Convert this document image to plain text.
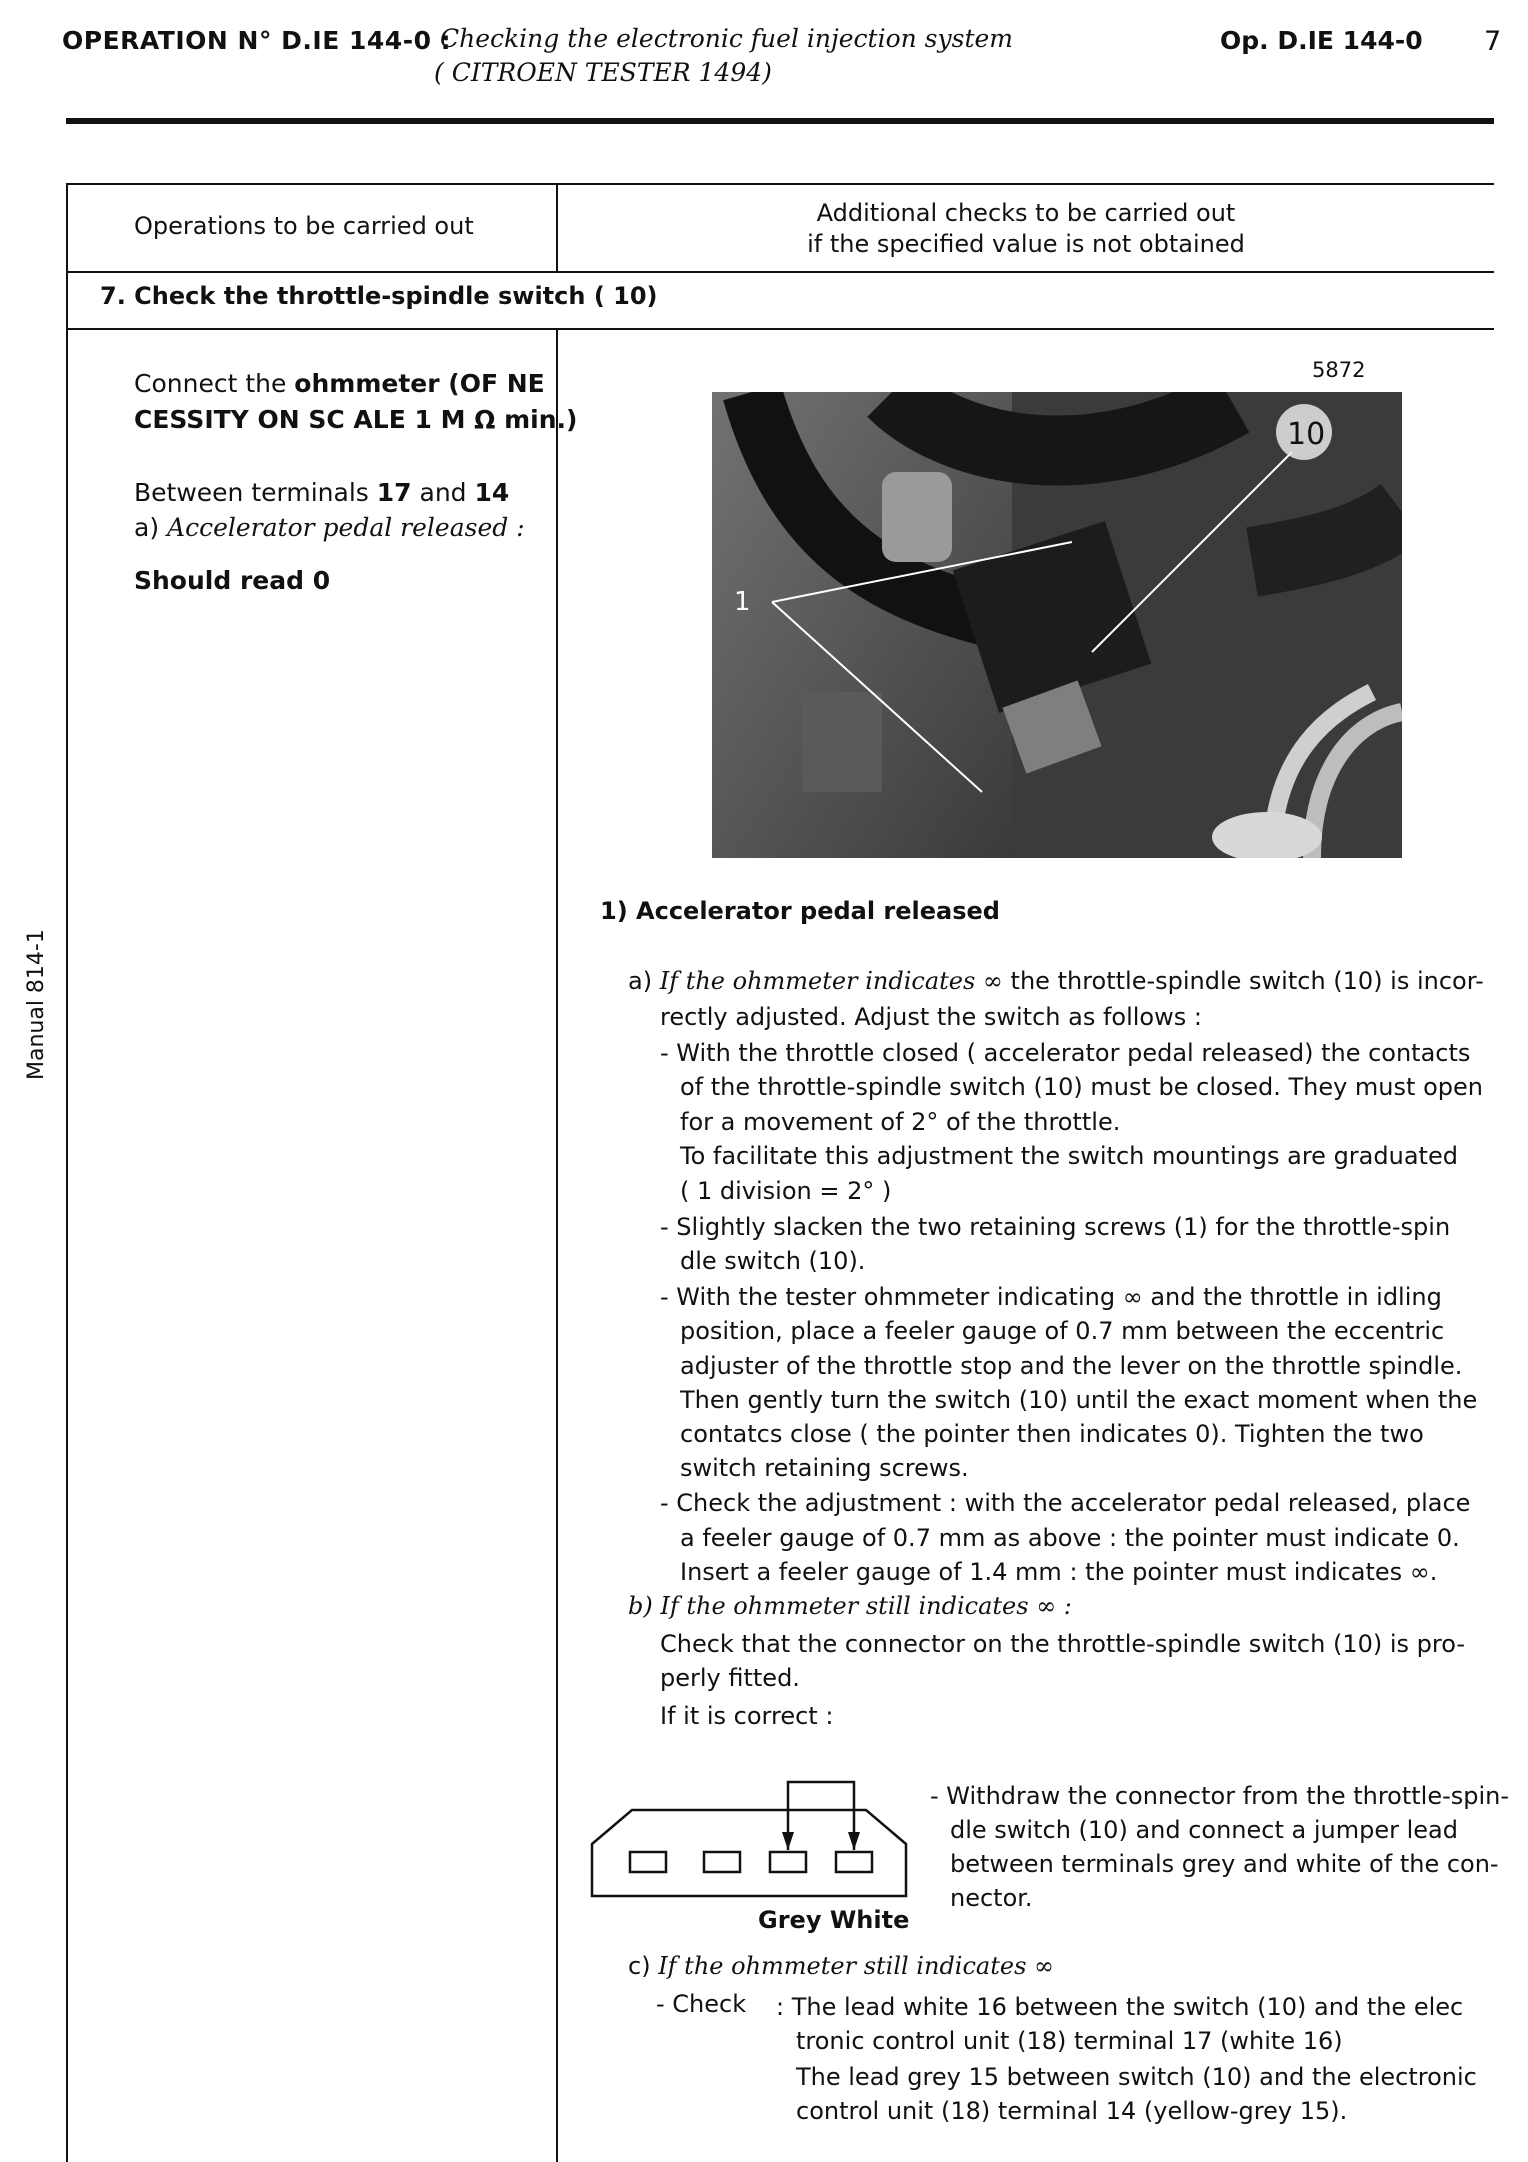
OPERATION N° D.IE 144-0 :
Checking the electronic fuel injection system
( CITROEN TESTER 1494)
Op. D.IE 144-0 7
Operations to be carried out	Additional checks to be carried out
if the specified value is not obtained
7. Check the throttle-spindle switch ( 10)
Connect the ohmmeter (OF NE
CESSITY ON SC ALE 1 M Ω min.)
Between terminals 17 and 14
a) Accelerator pedal released :
Should read 0
5872
10
1
1) Accelerator pedal released
a) If the ohmmeter indicates ∞ the throttle-spindle switch (10) is incor-
rectly adjusted. Adjust the switch as follows :
- With the throttle closed ( accelerator pedal released) the contacts
of the throttle-spindle switch (10) must be closed. They must open
for a movement of 2° of the throttle.
To facilitate this adjustment the switch mountings are graduated
( 1 division = 2° )
- Slightly slacken the two retaining screws (1) for the throttle-spin
dle switch (10).
- With the tester ohmmeter indicating ∞ and the throttle in idling
position, place a feeler gauge of 0.7 mm between the eccentric
adjuster of the throttle stop and the lever on the throttle spindle.
Then gently turn the switch (10) until the exact moment when the
contatcs close ( the pointer then indicates 0). Tighten the two
switch retaining screws.
- Check the adjustment : with the accelerator pedal released, place
a feeler gauge of 0.7 mm as above : the pointer must indicate 0.
Insert a feeler gauge of 1.4 mm : the pointer must indicates ∞.
b) If the ohmmeter still indicates ∞ :
Check that the connector on the throttle-spindle switch (10) is pro-
perly fitted.
If it is correct :
Grey White
- Withdraw the connector from the throttle-spin-
dle switch (10) and connect a jumper lead
between terminals grey and white of the con-
nector.
c) If the ohmmeter still indicates ∞
- Check : The lead white 16 between the switch (10) and the elec
tronic control unit (18) terminal 17 (white 16)
The lead grey 15 between switch (10) and the electronic
control unit (18) terminal 14 (yellow-grey 15).
Manual 814-1
